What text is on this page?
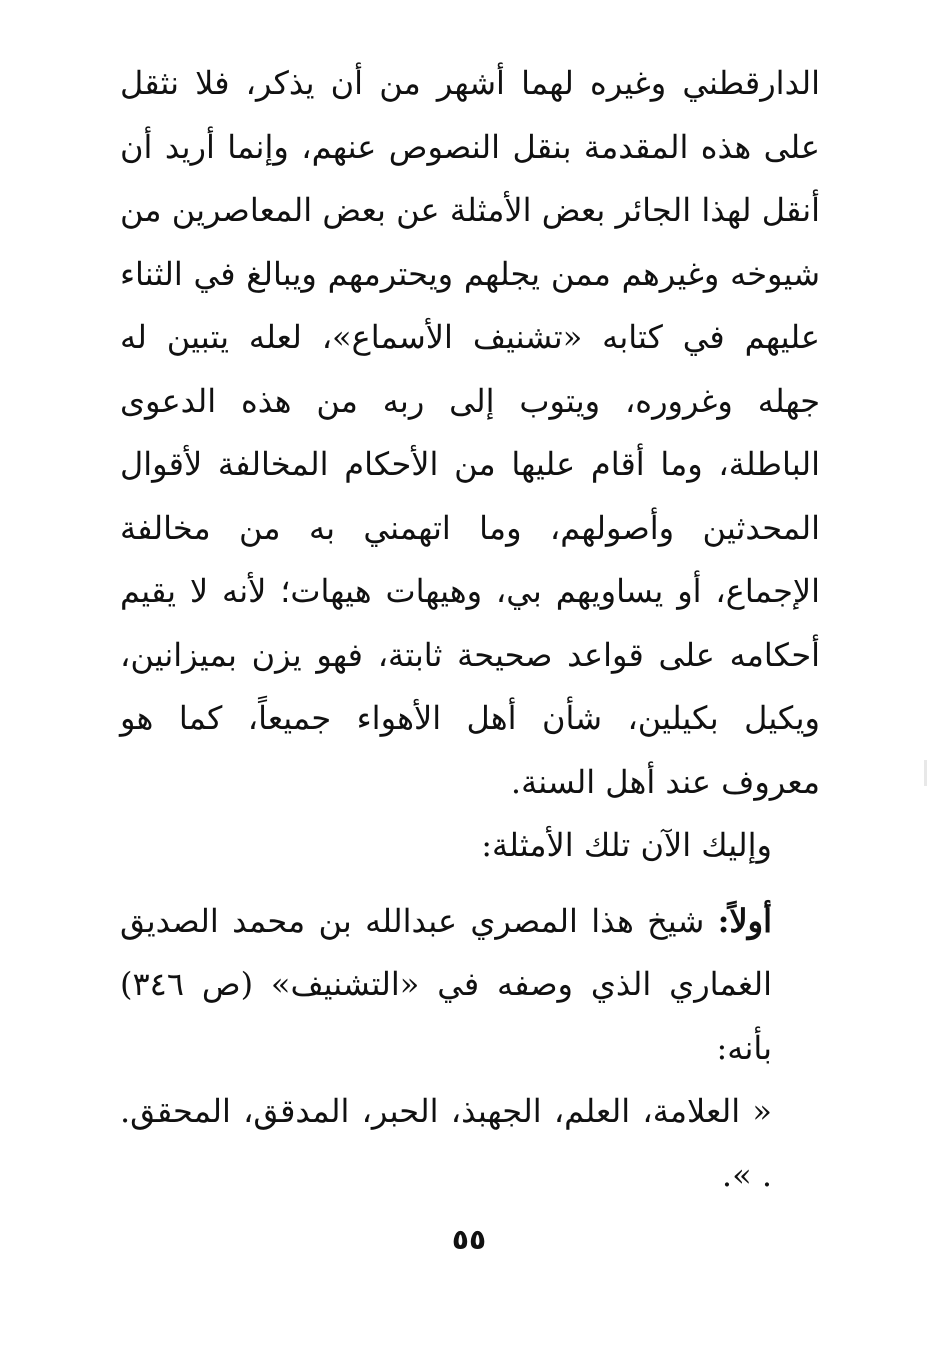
الدارقطني وغيره لهما أشهر من أن يذكر، فلا نثقل على هذه المقدمة بنقل النصوص عنهم، وإنما أريد أن أنقل لهذا الجائر بعض الأمثلة عن بعض المعاصرين من شيوخه وغيرهم ممن يجلهم ويحترمهم ويبالغ في الثناء عليهم في كتابه «تشنيف الأسماع»، لعله يتبين له جهله وغروره، ويتوب إلى ربه من هذه الدعوى الباطلة، وما أقام عليها من الأحكام المخالفة لأقوال المحدثين وأصولهم، وما اتهمني به من مخالفة الإجماع، أو يساويهم بي، وهيهات هيهات؛ لأنه لا يقيم أحكامه على قواعد صحيحة ثابتة، فهو يزن بميزانين، ويكيل بكيلين، شأن أهل الأهواء جميعاً، كما هو معروف عند أهل السنة.

وإليك الآن تلك الأمثلة:

أولاً: شيخ هذا المصري عبدالله بن محمد الصديق الغماري الذي وصفه في «التشنيف» (ص ٣٤٦) بأنه:

« العلامة، العلم، الجهبذ، الحبر، المدقق، المحقق. . ».

٥٥
